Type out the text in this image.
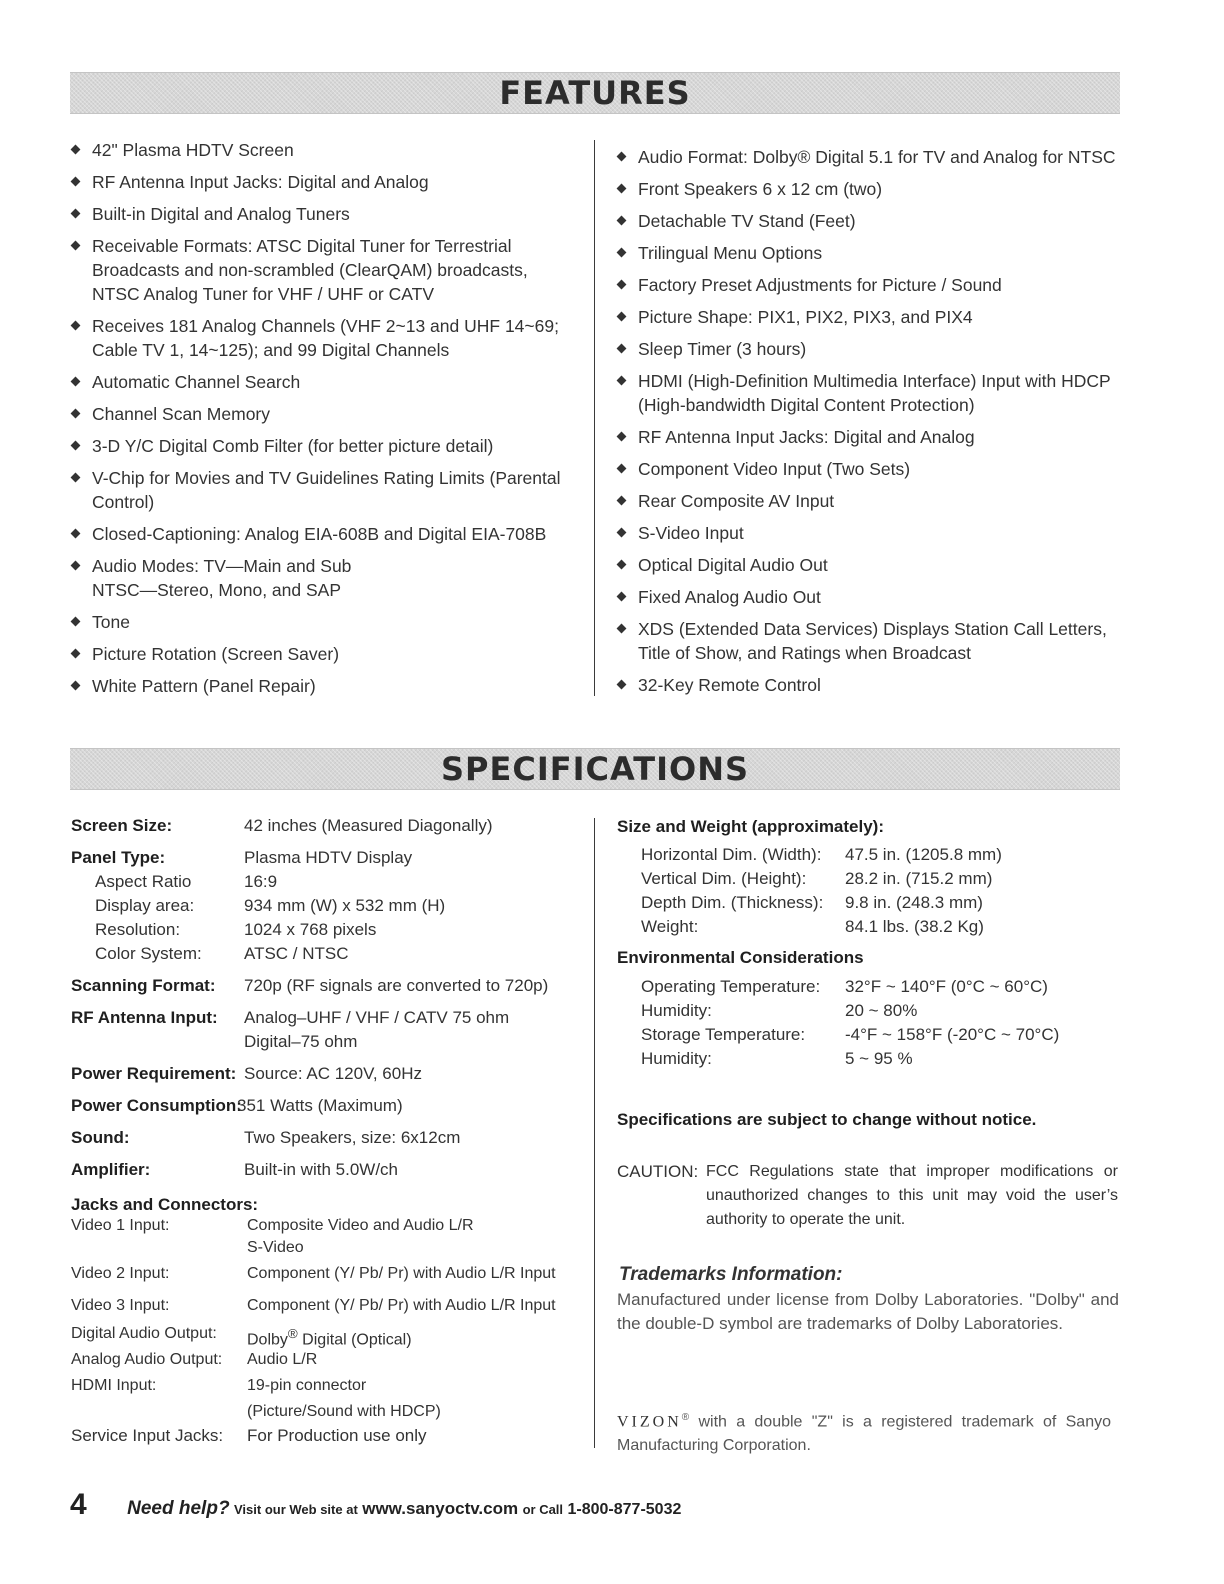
FEATURES
42" Plasma HDTV Screen
RF Antenna Input Jacks: Digital and Analog
Built-in Digital and Analog Tuners
Receivable Formats: ATSC Digital Tuner for Terrestrial Broadcasts and non-scrambled (ClearQAM) broadcasts, NTSC Analog Tuner for VHF / UHF or CATV
Receives 181 Analog Channels (VHF 2~13 and UHF 14~69; Cable TV 1, 14~125); and 99 Digital Channels
Automatic Channel Search
Channel Scan Memory
3-D Y/C Digital Comb Filter (for better picture detail)
V-Chip for Movies and TV Guidelines Rating Limits (Parental Control)
Closed-Captioning: Analog EIA-608B and Digital EIA-708B
Audio Modes: TV—Main and Sub
NTSC—Stereo, Mono, and SAP
Tone
Picture Rotation (Screen Saver)
White Pattern (Panel Repair)
Audio Format: Dolby® Digital 5.1 for TV and Analog for NTSC
Front Speakers 6 x 12 cm (two)
Detachable TV Stand (Feet)
Trilingual Menu Options
Factory Preset Adjustments for Picture / Sound
Picture Shape: PIX1, PIX2, PIX3, and PIX4
Sleep Timer (3 hours)
HDMI (High-Definition Multimedia Interface) Input with HDCP (High-bandwidth Digital Content Protection)
RF Antenna Input Jacks: Digital and Analog
Component Video Input (Two Sets)
Rear Composite AV Input
S-Video Input
Optical Digital Audio Out
Fixed Analog Audio Out
XDS (Extended Data Services) Displays Station Call Letters, Title of Show, and Ratings when Broadcast
32-Key Remote Control
SPECIFICATIONS
Screen Size:	42 inches (Measured Diagonally)
Panel Type:	Plasma HDTV Display
Aspect Ratio	16:9
Display area:	934 mm (W) x 532 mm (H)
Resolution:	1024 x 768 pixels
Color System: ATSC / NTSC
Scanning Format: 720p (RF signals are converted to 720p)
RF Antenna Input: Analog–UHF / VHF / CATV 75 ohm
Digital–75 ohm
Power Requirement: Source: AC 120V, 60Hz
Power Consumption:
351 Watts (Maximum)
Sound:	Two Speakers, size: 6x12cm
Amplifier:	Built-in with 5.0W/ch
Jacks and Connectors:
Video 1 Input:	Composite Video and Audio L/R
S-Video
Video 2 Input:	Component (Y/ Pb/ Pr) with Audio L/R Input
Video 3 Input:	Component (Y/ Pb/ Pr) with Audio L/R Input
Digital Audio Output: Dolby® Digital (Optical)
Analog Audio Output: Audio L/R
HDMI Input:	19-pin connector
(Picture/Sound with HDCP)
Service Input Jacks: For Production use only
Size and Weight (approximately):
Horizontal Dim. (Width): 47.5 in. (1205.8 mm)
Vertical Dim. (Height): 28.2 in. (715.2 mm)
Depth Dim. (Thickness): 9.8 in. (248.3 mm)
Weight:	84.1 lbs. (38.2 Kg)
Environmental Considerations
Operating Temperature: 32°F ~ 140°F (0°C ~ 60°C)
Humidity:	20 ~ 80%
Storage Temperature: -4°F ~ 158°F (-20°C ~ 70°C)
Humidity:	5 ~ 95 %
Specifications are subject to change without notice.
CAUTION: FCC Regulations state that improper modifications or unauthorized changes to this unit may void the user’s authority to operate the unit.
Trademarks Information:
Manufactured under license from Dolby Laboratories. "Dolby" and the double-D symbol are trademarks of Dolby Laboratories.
VIZON® with a double "Z" is a registered trademark of Sanyo Manufacturing Corporation.
4 Need help? Visit our Web site at www.sanyoctv.com or Call 1-800-877-5032
